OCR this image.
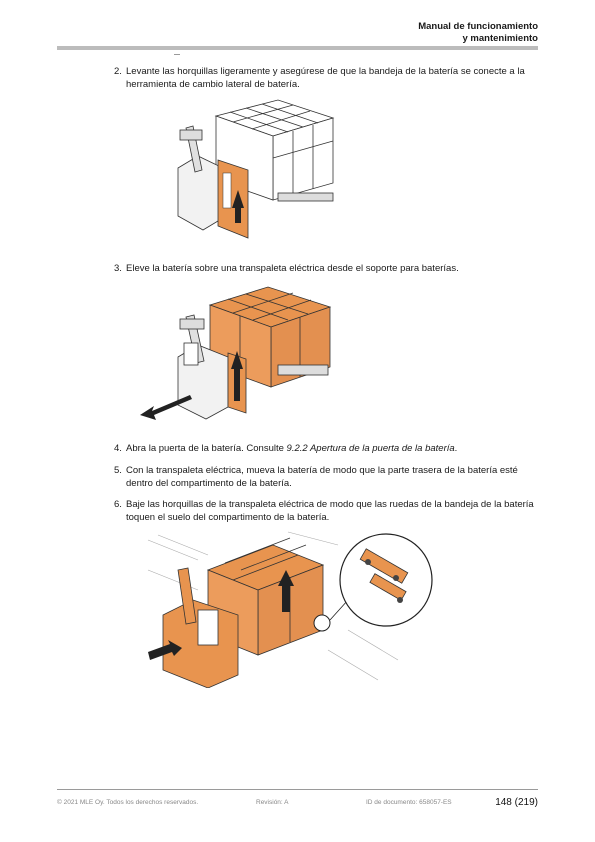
Manual de funcionamiento
y mantenimiento
2. Levante las horquillas ligeramente y asegúrese de que la bandeja de la batería se conecte a la herramienta de cambio lateral de batería.
3. Eleve la batería sobre una transpaleta eléctrica desde el soporte para baterías.
4. Abra la puerta de la batería. Consulte 9.2.2 Apertura de la puerta de la batería.
5. Con la transpaleta eléctrica, mueva la batería de modo que la parte trasera de la batería esté dentro del compartimento de la batería.
6. Baje las horquillas de la transpaleta eléctrica de modo que las ruedas de la bandeja de la batería toquen el suelo del compartimento de la batería.
© 2021 MLE Oy. Todos los derechos reservados.	Revisión: A	ID de documento: 658057-ES	148 (219)
